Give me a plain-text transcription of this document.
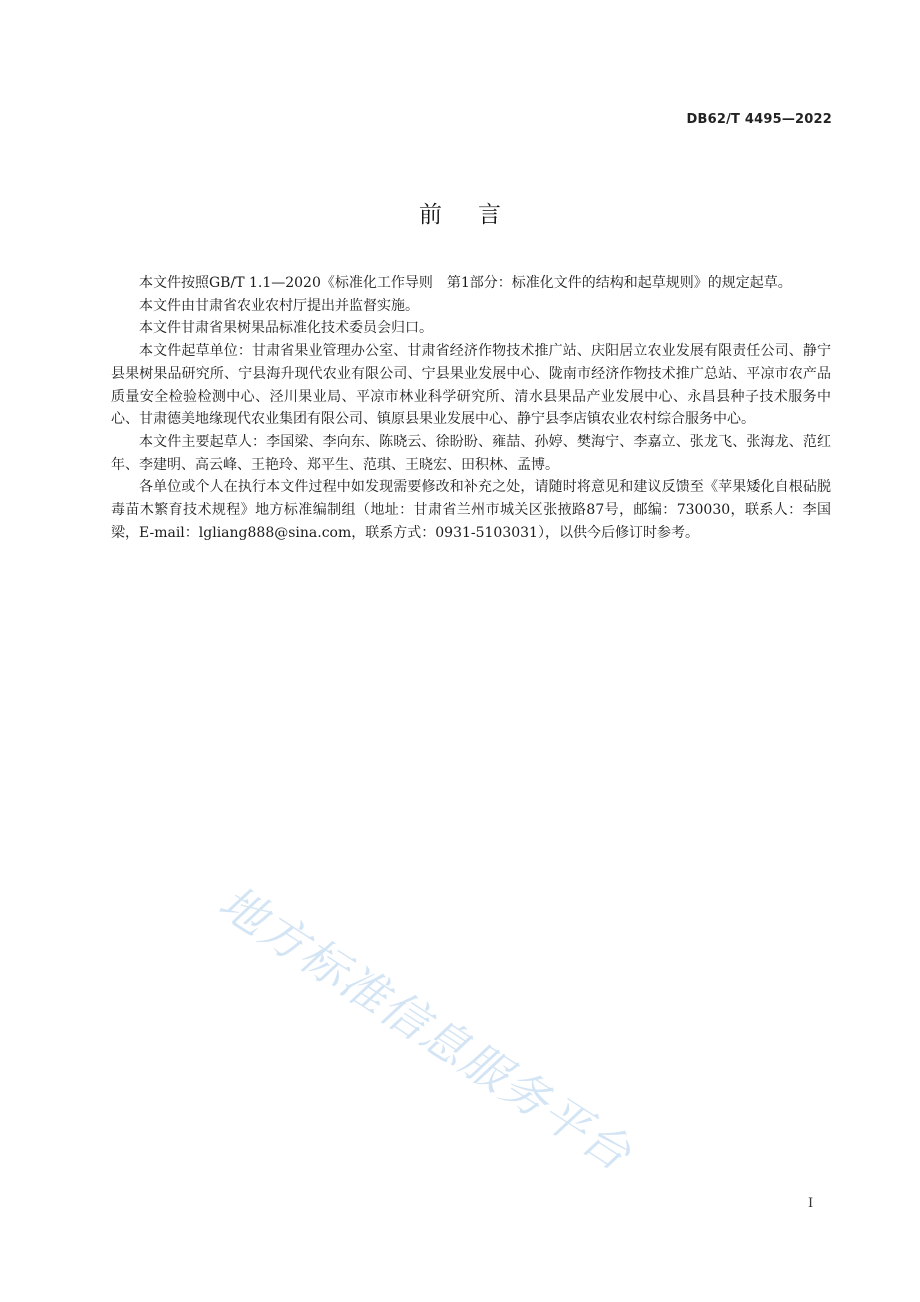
DB62/T 4495—2022
前言

本文件按照GB/T 1.1—2020《标准化工作导则　第1部分：标准化文件的结构和起草规则》的规定起草。

本文件由甘肃省农业农村厅提出并监督实施。

本文件甘肃省果树果品标准化技术委员会归口。

本文件起草单位：甘肃省果业管理办公室、甘肃省经济作物技术推广站、庆阳居立农业发展有限责任公司、静宁县果树果品研究所、宁县海升现代农业有限公司、宁县果业发展中心、陇南市经济作物技术推广总站、平凉市农产品质量安全检验检测中心、泾川果业局、平凉市林业科学研究所、清水县果品产业发展中心、永昌县种子技术服务中心、甘肃德美地缘现代农业集团有限公司、镇原县果业发展中心、静宁县李店镇农业农村综合服务中心。

本文件主要起草人：李国梁、李向东、陈晓云、徐盼盼、雍喆、孙婷、樊海宁、李嘉立、张龙飞、张海龙、范红年、李建明、高云峰、王艳玲、郑平生、范琪、王晓宏、田积林、孟博。

各单位或个人在执行本文件过程中如发现需要修改和补充之处，请随时将意见和建议反馈至《苹果矮化自根砧脱毒苗木繁育技术规程》地方标准编制组（地址：甘肃省兰州市城关区张掖路87号，邮编：730030，联系人：李国梁，E-mail：lgliang888@sina.com，联系方式：0931-5103031），以供今后修订时参考。

地方标准信息服务平台
I
